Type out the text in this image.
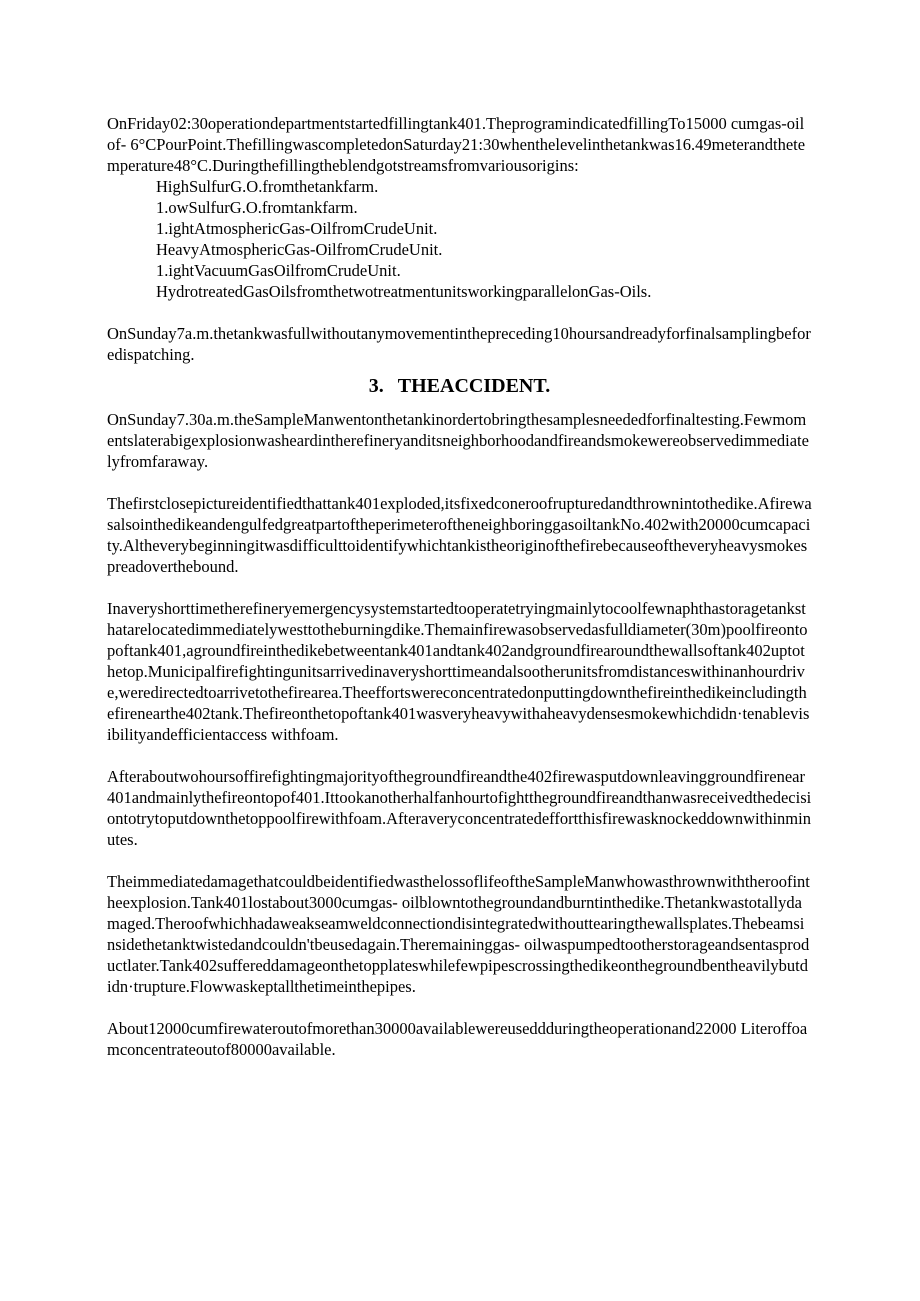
OnFriday02:30operationdepartmentstartedfillingtank401.TheprogramindicatedfillingTo15000 cumgas-oilof- 6°CPourPoint.ThefillingwascompletedonSaturday21:30whenthelevelinthetankwas16.49meterandthetemperature48°C.Duringthefillingtheblendgotstreamsfromvariousorigins:

HighSulfurG.O.fromthetankfarm.
1.owSulfurG.O.fromtankfarm.
1.ightAtmosphericGas-OilfromCrudeUnit.
HeavyAtmosphericGas-OilfromCrudeUnit.
1.ightVacuumGasOilfromCrudeUnit.
HydrotreatedGasOilsfromthetwotreatmentunitsworkingparallelonGas-Oils.

OnSunday7a.m.thetankwasfullwithoutanymovementinthepreceding10hoursandreadyforfinalsamplingbeforedispatching.

3. THEACCIDENT.

OnSunday7.30a.m.theSampleManwentonthetankinordertobringthesamplesneededforfinaltesting.Fewmomentslaterabigexplosionwasheardintherefineryanditsneighborhoodandfireandsmokewereobservedimmediatelyfromfaraway.

Thefirstclosepictureidentifiedthattank401exploded,itsfixedconeroofrupturedandthrownintothedike.AfirewasalsointhedikeandengulfedgreatpartoftheperimeteroftheneighboringgasoiltankNo.402with20000cumcapacity.Altheverybeginningitwasdifficulttoidentifywhichtankistheoriginofthefirebecauseoftheveryheavysmokespreadoverthebound.

Inaveryshorttimetherefineryemergencysystemstartedtooperatetryingmainlytocoolfewnaphthastoragetanksthatarelocatedimmediatelywesttotheburningdike.Themainfirewasobservedasfulldiameter(30m)poolfireontopoftank401,agroundfireinthedikebetweentank401andtank402andgroundfirearoundthewallsoftank402uptothetop.Municipalfirefightingunitsarrivedinaveryshorttimeandalsootherunitsfromdistanceswithinanhourdrive,weredirectedtoarrivetothefirearea.Theeffortswereconcentratedonputtingdownthefireinthedikeincludingthefirenearthe402tank.Thefireonthetopoftank401wasveryheavywithaheavydensesmokewhichdidn·tenablevisibilityandefficientaccess withfoam.

Afteraboutwohoursoffirefightingmajorityofthegroundfireandthe402firewasputdownleavinggroundfirenear401andmainlythefireontopof401.Ittookanotherhalfanhourtofightthegroundfireandthanwasreceivedthedecisiontotrytoputdownthetoppoolfirewithfoam.Afteraveryconcentratedeffortthisfirewasknockeddownwithinminutes.

TheimmediatedamagethatcouldbeidentifiedwasthelossoflifeoftheSampleManwhowasthrownwiththeroofintheexplosion.Tank401lostabout3000cumgas- oilblowntothegroundandburntinthedike.Thetankwastotallydamaged.Theroofwhichhadaweakseamweldconnectiondisintegratedwithouttearingthewallsplates.Thebeamsinsidethetanktwistedandcouldn'tbeusedagain.Theremaininggas- oilwaspumpedtootherstorageandsentasproductlater.Tank402suffereddamageonthetopplateswhilefewpipescrossingthedikeonthegroundbentheavilybutdidn·trupture.Flowwaskeptallthetimeinthepipes.

About12000cumfirewateroutofmorethan30000availablewereuseddduringtheoperationand22000 Literoffoamconcentrateoutof80000available.
